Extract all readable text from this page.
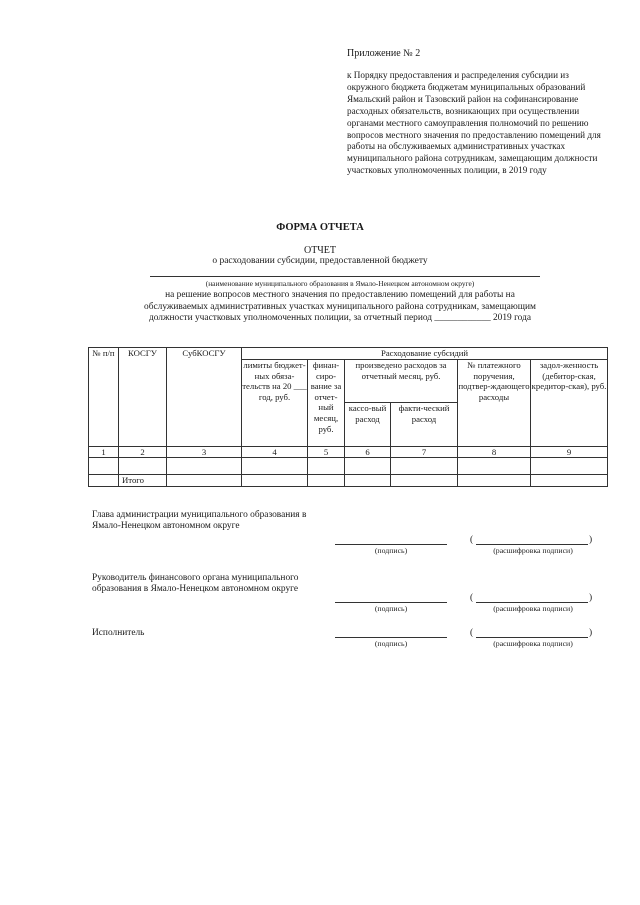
Приложение № 2
к Порядку предоставления и распределения субсидии из окружного бюджета бюджетам муниципальных образований Ямальский район и Тазовский район на софинансирование расходных обязательств, возникающих при осуществлении органами местного самоуправления полномочий по решению вопросов местного значения по предоставлению помещений для работы на обслуживаемых административных участках муниципального района сотрудникам, замещающим должности участковых уполномоченных полиции, в 2019 году
ФОРМА ОТЧЕТА
ОТЧЕТ
о расходовании субсидии, предоставленной бюджету
(наименование муниципального образования в Ямало-Ненецком автономном округе)
на решение вопросов местного значения по предоставлению помещений для работы на обслуживаемых административных участках муниципального района сотрудникам, замещающим должности участковых уполномоченных полиции, за отчетный период ____________ 2019 года
№ п/п	КОСГУ	СубКОСГУ	Расходование субсидий					
			лимиты бюджет-ных обяза-тельств на 20 ___ год, руб.	финан-сиро-вание за отчет-ный месяц, руб.	произведено расходов за отчетный месяц, руб.		№ платежного поручения, подтвер-ждающего расходы	задол-женность (дебитор-ская, кредитор-ская), руб.
					кассо-вый расход	факти-ческий расход		
1	2	3	4	5	6	7	8	9

	Итого							
Глава администрации муниципального образования в Ямало-Ненецком автономном округе
(подпись)
(	)
(расшифровка подписи)
Руководитель финансового органа муниципального образования в Ямало-Ненецком автономном округе
(подпись)
(	)
(расшифровка подписи)
Исполнитель
(подпись)
(	)
(расшифровка подписи)
